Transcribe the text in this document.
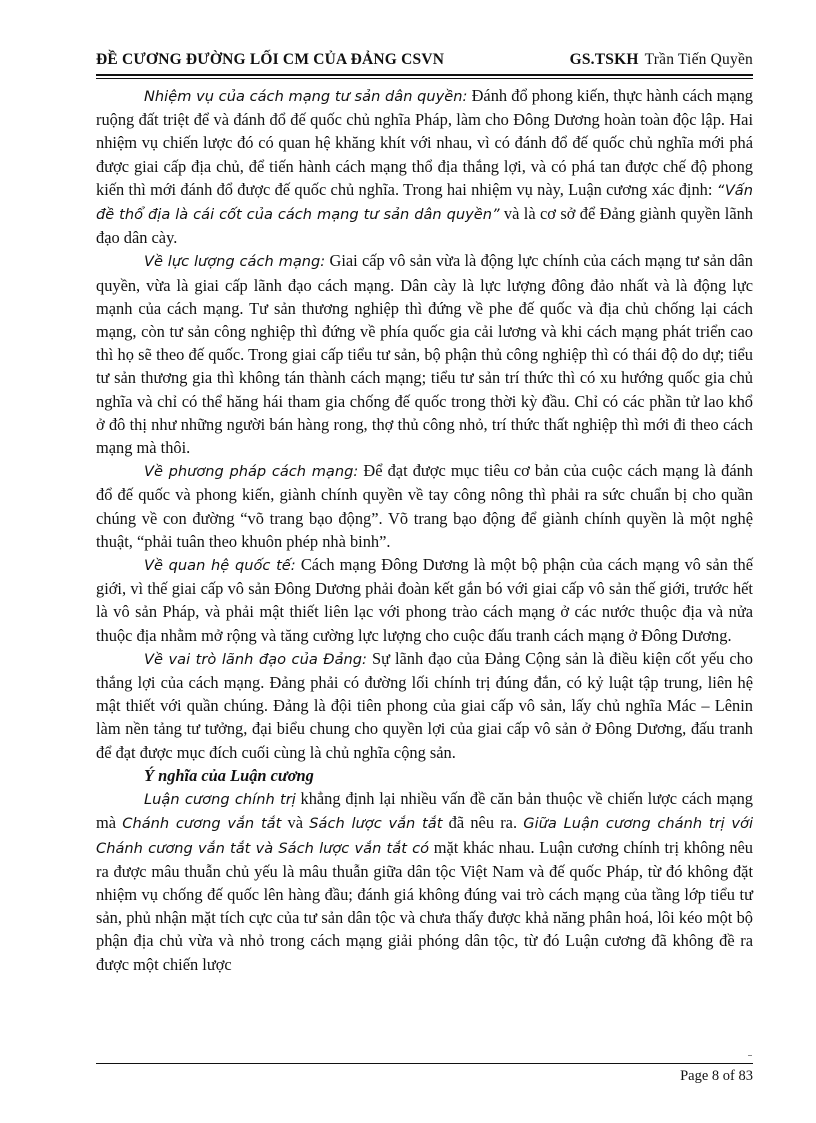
ĐỀ CƯƠNG ĐƯỜNG LỐI CM CỦA ĐẢNG CSVN	GS.TSKH Trần Tiến Quyền

Nhiệm vụ của cách mạng tư sản dân quyền: Đánh đổ phong kiến, thực hành cách mạng ruộng đất triệt để và đánh đổ đế quốc chủ nghĩa Pháp, làm cho Đông Dương hoàn toàn độc lập. Hai nhiệm vụ chiến lược đó có quan hệ khăng khít với nhau, vì có đánh đổ đế quốc chủ nghĩa mới phá được giai cấp địa chủ, để tiến hành cách mạng thổ địa thắng lợi, và có phá tan được chế độ phong kiến thì mới đánh đổ được đế quốc chủ nghĩa. Trong hai nhiệm vụ này, Luận cương xác định: “Vấn đề thổ địa là cái cốt của cách mạng tư sản dân quyền” và là cơ sở để Đảng giành quyền lãnh đạo dân cày.

Về lực lượng cách mạng: Giai cấp vô sản vừa là động lực chính của cách mạng tư sản dân quyền, vừa là giai cấp lãnh đạo cách mạng. Dân cày là lực lượng đông đảo nhất và là động lực mạnh của cách mạng. Tư sản thương nghiệp thì đứng về phe đế quốc và địa chủ chống lại cách mạng, còn tư sản công nghiệp thì đứng về phía quốc gia cải lương và khi cách mạng phát triển cao thì họ sẽ theo đế quốc. Trong giai cấp tiểu tư sản, bộ phận thủ công nghiệp thì có thái độ do dự; tiểu tư sản thương gia thì không tán thành cách mạng; tiểu tư sản trí thức thì có xu hướng quốc gia chủ nghĩa và chỉ có thể hăng hái tham gia chống đế quốc trong thời kỳ đầu. Chỉ có các phần tử lao khổ ở đô thị như những người bán hàng rong, thợ thủ công nhỏ, trí thức thất nghiệp thì mới đi theo cách mạng mà thôi.

Về phương pháp cách mạng: Để đạt được mục tiêu cơ bản của cuộc cách mạng là đánh đổ đế quốc và phong kiến, giành chính quyền về tay công nông thì phải ra sức chuẩn bị cho quần chúng về con đường “võ trang bạo động”. Võ trang bạo động để giành chính quyền là một nghệ thuật, “phải tuân theo khuôn phép nhà binh”.

Về quan hệ quốc tế: Cách mạng Đông Dương là một bộ phận của cách mạng vô sản thế giới, vì thế giai cấp vô sản Đông Dương phải đoàn kết gắn bó với giai cấp vô sản thế giới, trước hết là vô sản Pháp, và phải mật thiết liên lạc với phong trào cách mạng ở các nước thuộc địa và nửa thuộc địa nhằm mở rộng và tăng cường lực lượng cho cuộc đấu tranh cách mạng ở Đông Dương.

Về vai trò lãnh đạo của Đảng: Sự lãnh đạo của Đảng Cộng sản là điều kiện cốt yếu cho thắng lợi của cách mạng. Đảng phải có đường lối chính trị đúng đắn, có kỷ luật tập trung, liên hệ mật thiết với quần chúng. Đảng là đội tiên phong của giai cấp vô sản, lấy chủ nghĩa Mác – Lênin làm nền tảng tư tưởng, đại biểu chung cho quyền lợi của giai cấp vô sản ở Đông Dương, đấu tranh để đạt được mục đích cuối cùng là chủ nghĩa cộng sản.

Ý nghĩa của Luận cương

Luận cương chính trị khẳng định lại nhiều vấn đề căn bản thuộc về chiến lược cách mạng mà Chánh cương vắn tắt và Sách lược vắn tắt đã nêu ra. Giữa Luận cương chánh trị với Chánh cương vắn tắt và Sách lược vắn tắt có mặt khác nhau. Luận cương chính trị không nêu ra được mâu thuẫn chủ yếu là mâu thuẫn giữa dân tộc Việt Nam và đế quốc Pháp, từ đó không đặt nhiệm vụ chống đế quốc lên hàng đầu; đánh giá không đúng vai trò cách mạng của tầng lớp tiểu tư sản, phủ nhận mặt tích cực của tư sản dân tộc và chưa thấy được khả năng phân hoá, lôi kéo một bộ phận địa chủ vừa và nhỏ trong cách mạng giải phóng dân tộc, từ đó Luận cương đã không đề ra được một chiến lược

Page 8 of 83
